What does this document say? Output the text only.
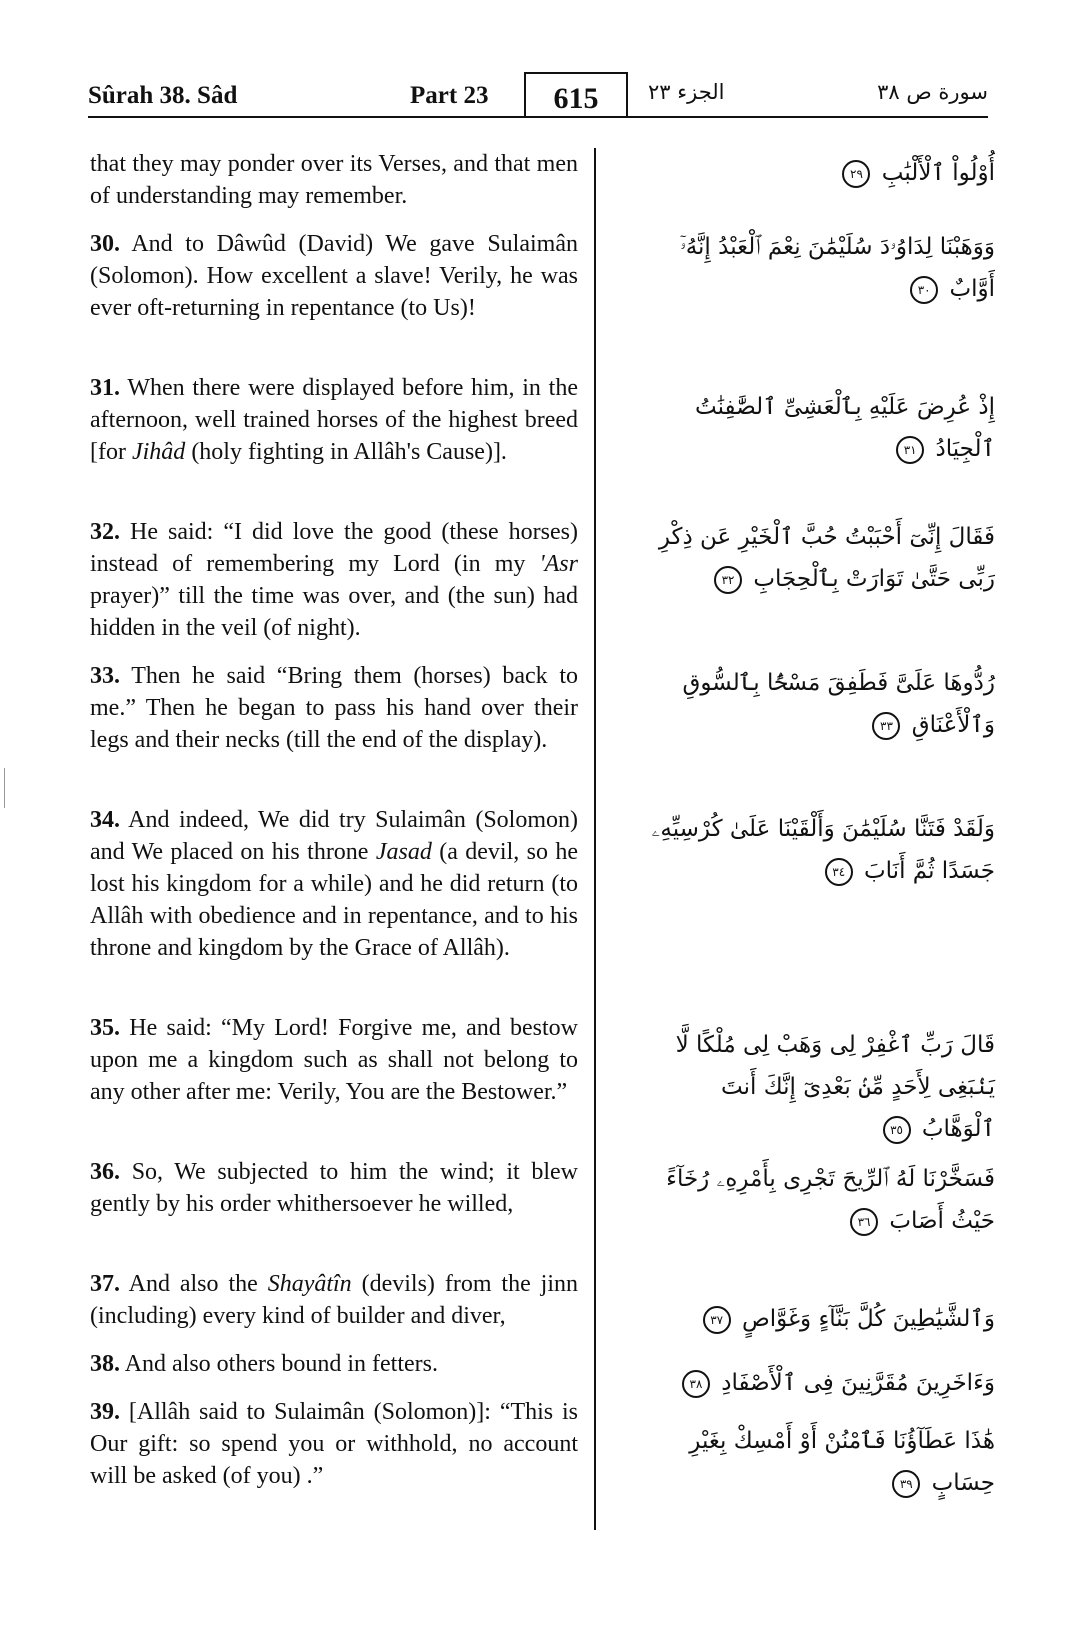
Sûrah 38. Sâd	Part 23	615	الجزء ٢٣	سورة ص ٣٨
that they may ponder over its Verses, and that men of understanding may remember.
أُوْلُواْ ٱلْأَلْبَٰبِ ٢٩
30. And to Dâwûd (David) We gave Sulaimân (Solomon). How excellent a slave! Verily, he was ever oft-returning in repentance (to Us)!
وَوَهَبْنَا لِدَاوُۥدَ سُلَيْمَٰنَ نِعْمَ ٱلْعَبْدُ إِنَّهُۥٓ أَوَّابٌ ٣٠
31. When there were displayed before him, in the afternoon, well trained horses of the highest breed [for Jihâd (holy fighting in Allâh's Cause)].
إِذْ عُرِضَ عَلَيْهِ بِٱلْعَشِىِّ ٱلصَّٰفِنَٰتُ ٱلْجِيَادُ ٣١
32. He said: “I did love the good (these horses) instead of remembering my Lord (in my 'Asr prayer)” till the time was over, and (the sun) had hidden in the veil (of night).
فَقَالَ إِنِّىٓ أَحْبَبْتُ حُبَّ ٱلْخَيْرِ عَن ذِكْرِ رَبِّى حَتَّىٰ تَوَارَتْ بِٱلْحِجَابِ ٣٢
33. Then he said “Bring them (horses) back to me.” Then he began to pass his hand over their legs and their necks (till the end of the display).
رُدُّوهَا عَلَىَّ فَطَفِقَ مَسْحًۢا بِٱلسُّوقِ وَٱلْأَعْنَاقِ ٣٣
34. And indeed, We did try Sulaimân (Solomon) and We placed on his throne Jasad (a devil, so he lost his kingdom for a while) and he did return (to Allâh with obedience and in repentance, and to his throne and kingdom by the Grace of Allâh).
وَلَقَدْ فَتَنَّا سُلَيْمَٰنَ وَأَلْقَيْنَا عَلَىٰ كُرْسِيِّهِۦ جَسَدًا ثُمَّ أَنَابَ ٣٤
35. He said: “My Lord! Forgive me, and bestow upon me a kingdom such as shall not belong to any other after me: Verily, You are the Bestower.”
قَالَ رَبِّ ٱغْفِرْ لِى وَهَبْ لِى مُلْكًا لَّا يَنۢبَغِى لِأَحَدٍ مِّنۢ بَعْدِىٓ إِنَّكَ أَنتَ ٱلْوَهَّابُ ٣٥
36. So, We subjected to him the wind; it blew gently by his order whithersoever he willed,
فَسَخَّرْنَا لَهُ ٱلرِّيحَ تَجْرِى بِأَمْرِهِۦ رُخَآءً حَيْثُ أَصَابَ ٣٦
37. And also the Shayâtîn (devils) from the jinn (including) every kind of builder and diver,	وَٱلشَّيَٰطِينَ كُلَّ بَنَّآءٍ وَغَوَّاصٍ ٣٧
38. And also others bound in fetters.
وَءَاخَرِينَ مُقَرَّنِينَ فِى ٱلْأَصْفَادِ ٣٨
39. [Allâh said to Sulaimân (Solomon)]: “This is Our gift: so spend you or withhold, no account will be asked (of you) .”
هَٰذَا عَطَآؤُنَا فَٱمْنُنْ أَوْ أَمْسِكْ بِغَيْرِ حِسَابٍ ٣٩
